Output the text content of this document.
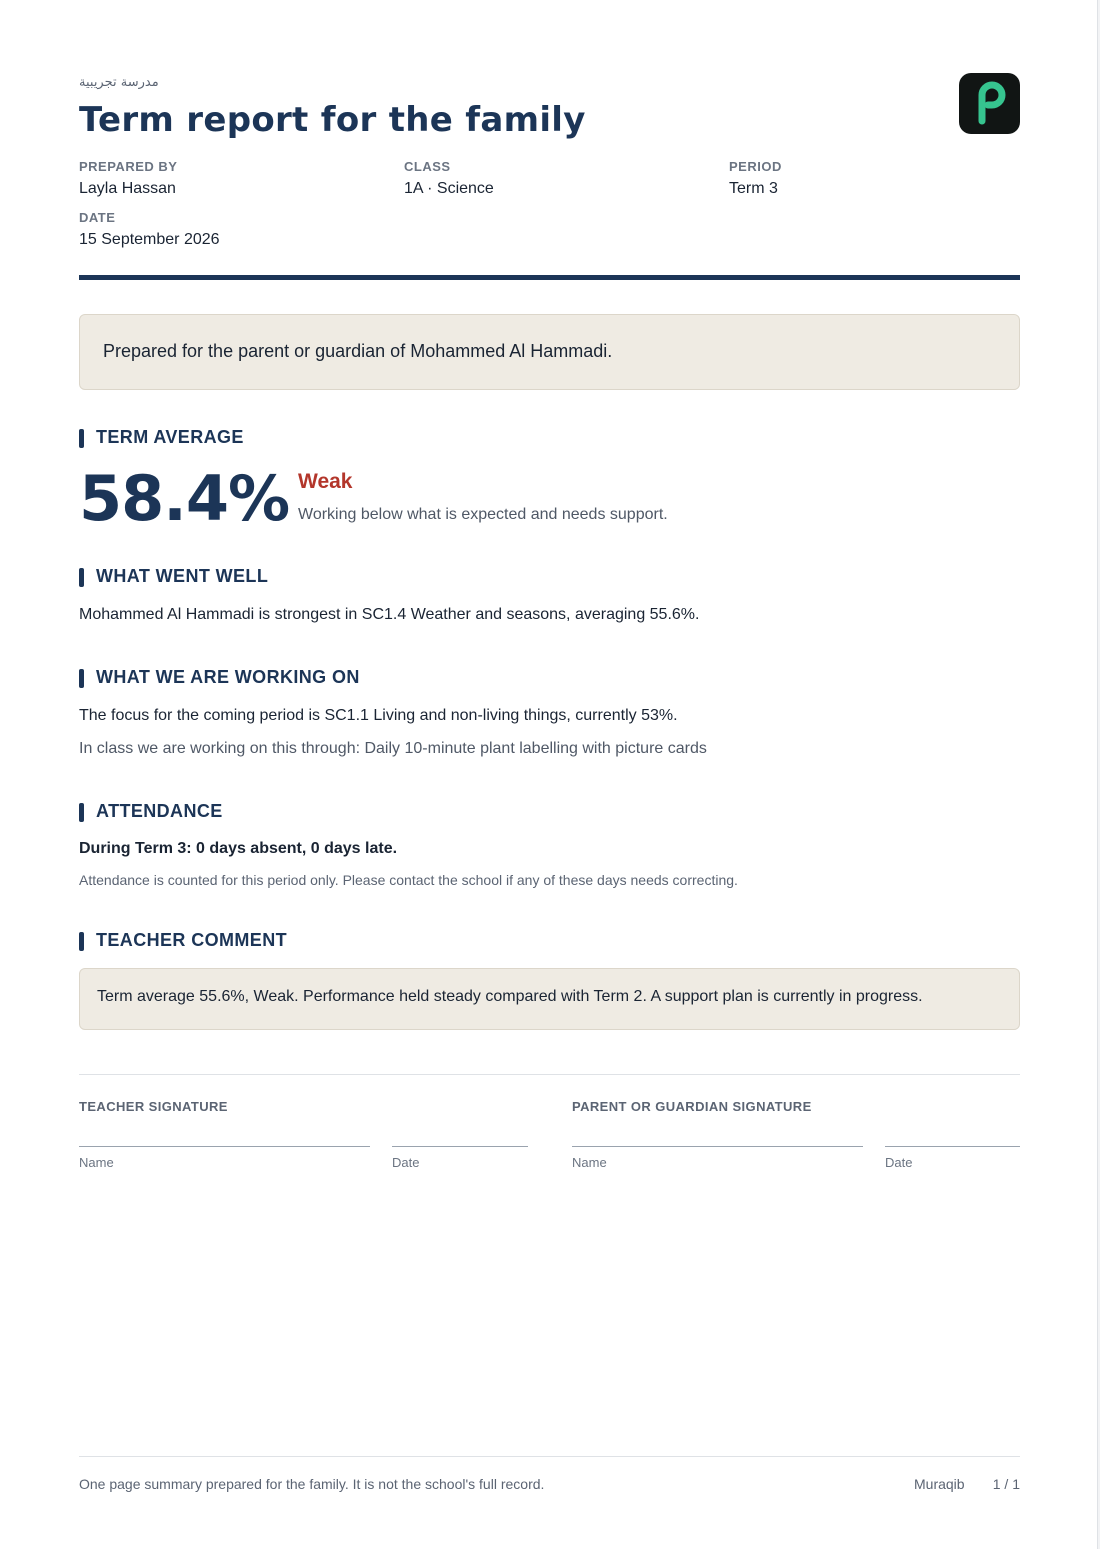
مدرسة تجريبية
Term report for the family
PREPARED BY
Layla Hassan
CLASS
1A · Science
PERIOD
Term 3
DATE
15 September 2026
Prepared for the parent or guardian of Mohammed Al Hammadi.
TERM AVERAGE
58.4% Weak
Working below what is expected and needs support.
WHAT WENT WELL
Mohammed Al Hammadi is strongest in SC1.4 Weather and seasons, averaging 55.6%.
WHAT WE ARE WORKING ON
The focus for the coming period is SC1.1 Living and non-living things, currently 53%.
In class we are working on this through: Daily 10-minute plant labelling with picture cards
ATTENDANCE
During Term 3: 0 days absent, 0 days late.
Attendance is counted for this period only. Please contact the school if any of these days needs correcting.
TEACHER COMMENT
Term average 55.6%, Weak. Performance held steady compared with Term 2. A support plan is currently in progress.
TEACHER SIGNATURE	PARENT OR GUARDIAN SIGNATURE
Name	Date	Name	Date
One page summary prepared for the family. It is not the school's full record.	Muraqib 1 / 1
